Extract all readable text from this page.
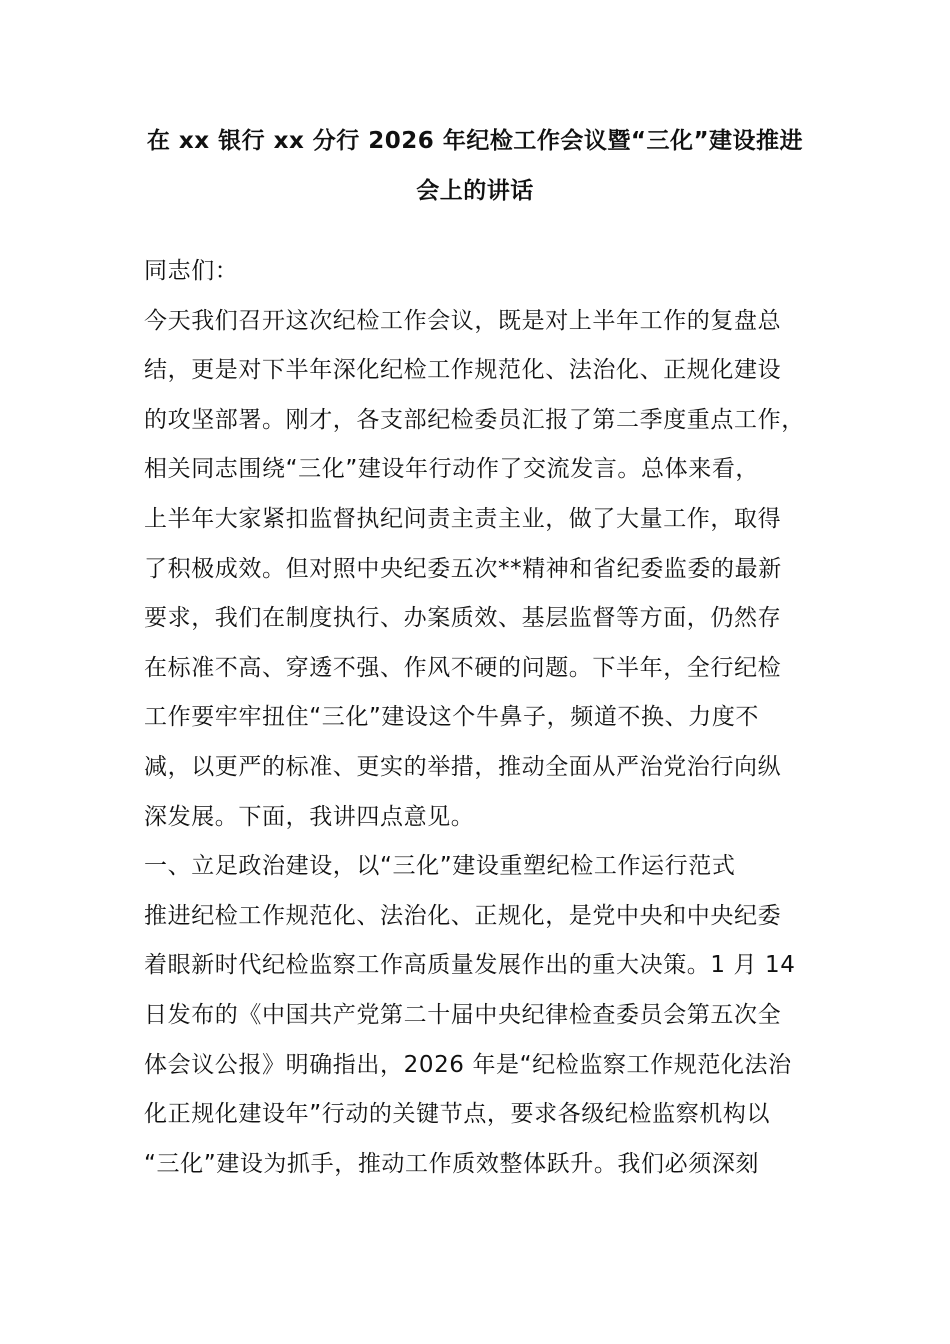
在 xx 银行 xx 分行 2026 年纪检工作会议暨“三化”建设推进
会上的讲话
同志们：
今天我们召开这次纪检工作会议，既是对上半年工作的复盘总
结，更是对下半年深化纪检工作规范化、法治化、正规化建设
的攻坚部署。刚才，各支部纪检委员汇报了第二季度重点工作，
相关同志围绕“三化”建设年行动作了交流发言。总体来看，
上半年大家紧扣监督执纪问责主责主业，做了大量工作，取得
了积极成效。但对照中央纪委五次**精神和省纪委监委的最新
要求，我们在制度执行、办案质效、基层监督等方面，仍然存
在标准不高、穿透不强、作风不硬的问题。下半年，全行纪检
工作要牢牢扭住“三化”建设这个牛鼻子，频道不换、力度不
减，以更严的标准、更实的举措，推动全面从严治党治行向纵
深发展。下面，我讲四点意见。
一、立足政治建设，以“三化”建设重塑纪检工作运行范式
推进纪检工作规范化、法治化、正规化，是党中央和中央纪委
着眼新时代纪检监察工作高质量发展作出的重大决策。1 月 14
日发布的《中国共产党第二十届中央纪律检查委员会第五次全
体会议公报》明确指出，2026 年是“纪检监察工作规范化法治
化正规化建设年”行动的关键节点，要求各级纪检监察机构以
“三化”建设为抓手，推动工作质效整体跃升。我们必须深刻
